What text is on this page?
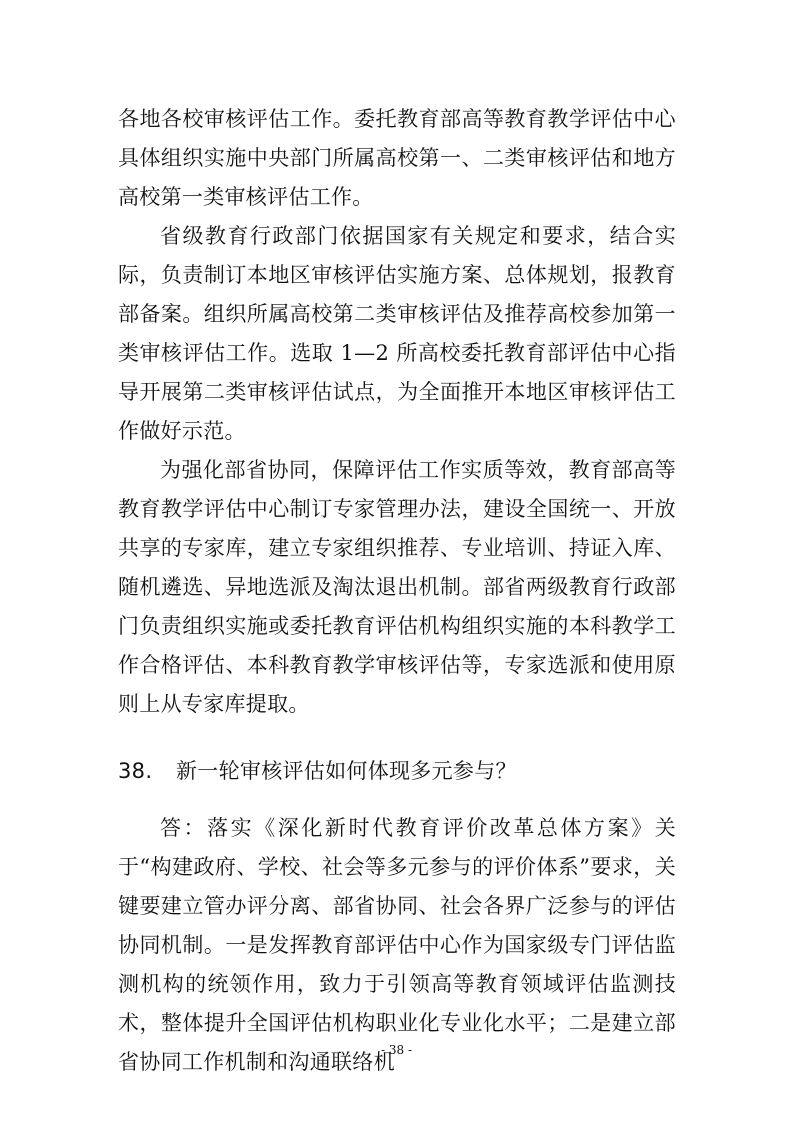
各地各校审核评估工作。委托教育部高等教育教学评估中心具体组织实施中央部门所属高校第一、二类审核评估和地方高校第一类审核评估工作。

省级教育行政部门依据国家有关规定和要求，结合实际，负责制订本地区审核评估实施方案、总体规划，报教育部备案。组织所属高校第二类审核评估及推荐高校参加第一类审核评估工作。选取 1—2 所高校委托教育部评估中心指导开展第二类审核评估试点，为全面推开本地区审核评估工作做好示范。

为强化部省协同，保障评估工作实质等效，教育部高等教育教学评估中心制订专家管理办法，建设全国统一、开放共享的专家库，建立专家组织推荐、专业培训、持证入库、随机遴选、异地选派及淘汰退出机制。部省两级教育行政部门负责组织实施或委托教育评估机构组织实施的本科教学工作合格评估、本科教育教学审核评估等，专家选派和使用原则上从专家库提取。

38.	新一轮审核评估如何体现多元参与？

答：落实《深化新时代教育评价改革总体方案》关于“构建政府、学校、社会等多元参与的评价体系”要求，关键要建立管办评分离、部省协同、社会各界广泛参与的评估协同机制。一是发挥教育部评估中心作为国家级专门评估监测机构的统领作用，致力于引领高等教育领域评估监测技术，整体提升全国评估机构职业化专业化水平；二是建立部省协同工作机制和沟通联络机

- 38 -
